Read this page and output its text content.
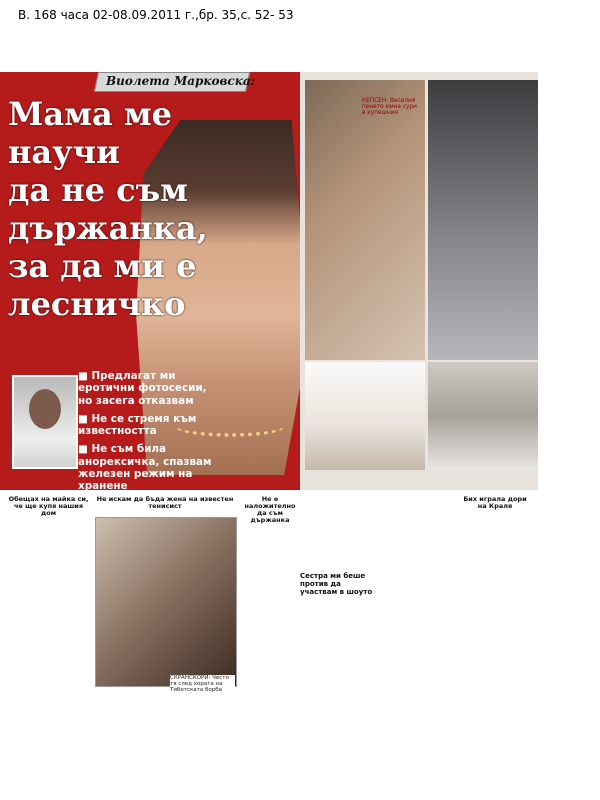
В. 168 часа 02-08.09.2011 г.,бр. 35,с. 52- 53
Виолета Марковска:
Мама ме научи
да не съм
държанка,
за да ми е
лесничко
■ Предлагат ми еротични фотосесии, но засега отказвам
■ Не се стремя към известността
■ Не съм била анорексичка, спазвам железен режим на хранене
КЕПСЕН: Веселия пенето мина сури в купешния
Обещах на майка си, че ще купя нашия дом
Не искам да бъда жена на известен тенисист
СКРАНСКОРИ: Често тя след хората на Тибетската борба
Не е наложително да съм държанка
Сестра ми беше против да участвам в шоуто
Бих играла дори на Краля
